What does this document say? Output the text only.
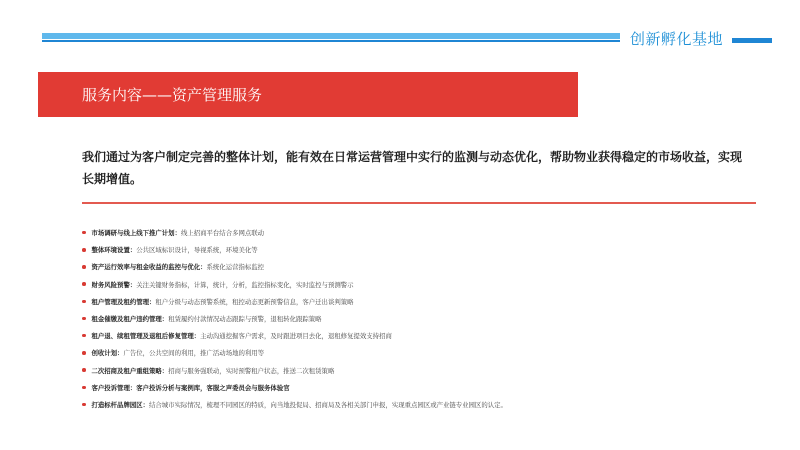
创新孵化基地
服务内容——资产管理服务
我们通过为客户制定完善的整体计划，能有效在日常运营管理中实行的监测与动态优化，帮助物业获得稳定的市场收益，实现长期增值。
市场调研与线上线下推广计划： 线上招商平台结合多网点联动
整体环境设置： 公共区域标识设计，导视系统，环境美化等
资产运行效率与租金收益的监控与优化： 系统化运营指标监控
财务风险预警： 关注关键财务指标，计算，统计，分析，监控指标变化，实时监控与预测警示
租户管理及租约管理： 租户分级与动态预警系统，租控动态更新预警信息，客户迁出谈判策略
租金催缴及租户违约管理： 租赁履约付款情况动态跟踪与预警，退租转化跟踪策略
租户退、续租管理及退租后修复管理： 主动沟通挖掘客户需求，及时跟进项目去化，退租修复提效支持招商
创收计划： 广告位，公共空间的利用，推广活动场地的利用等
二次招商及租户重组策略： 招商与服务强联动，实时预警租户状态，推送二次租赁策略
客户投诉管理：客户投诉分析与案例库，客服之声委员会与服务体验官
打造标杆品牌园区： 结合城市实际情况，梳理不同园区的特质，向当地投促局、招商局及各相关部门申报，实现重点园区或产业链专业园区的认定。
